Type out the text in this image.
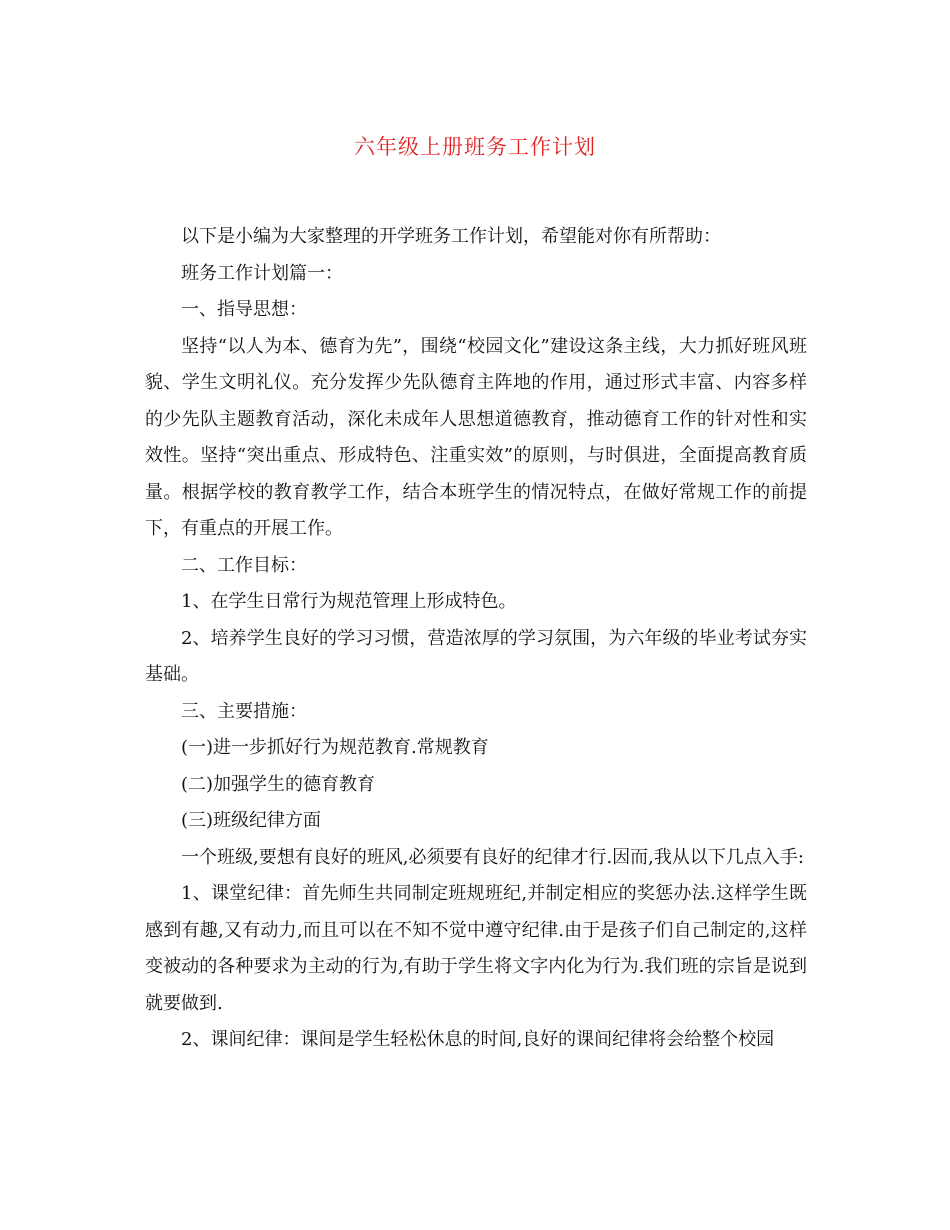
六年级上册班务工作计划

以下是小编为大家整理的开学班务工作计划，希望能对你有所帮助：

班务工作计划篇一：

一、指导思想：

坚持“以人为本、德育为先”，围绕“校园文化”建设这条主线，大力抓好班风班貌、学生文明礼仪。充分发挥少先队德育主阵地的作用，通过形式丰富、内容多样的少先队主题教育活动，深化未成年人思想道德教育，推动德育工作的针对性和实效性。坚持“突出重点、形成特色、注重实效”的原则，与时俱进，全面提高教育质量。根据学校的教育教学工作，结合本班学生的情况特点，在做好常规工作的前提下，有重点的开展工作。

二、工作目标：

1、在学生日常行为规范管理上形成特色。

2、培养学生良好的学习习惯，营造浓厚的学习氛围，为六年级的毕业考试夯实基础。

三、主要措施：

(一)进一步抓好行为规范教育.常规教育

(二)加强学生的德育教育

(三)班级纪律方面

一个班级,要想有良好的班风,必须要有良好的纪律才行.因而,我从以下几点入手:

1、课堂纪律：首先师生共同制定班规班纪,并制定相应的奖惩办法.这样学生既感到有趣,又有动力,而且可以在不知不觉中遵守纪律.由于是孩子们自己制定的,这样变被动的各种要求为主动的行为,有助于学生将文字内化为行为.我们班的宗旨是说到就要做到.

2、课间纪律：课间是学生轻松休息的时间,良好的课间纪律将会给整个校园
